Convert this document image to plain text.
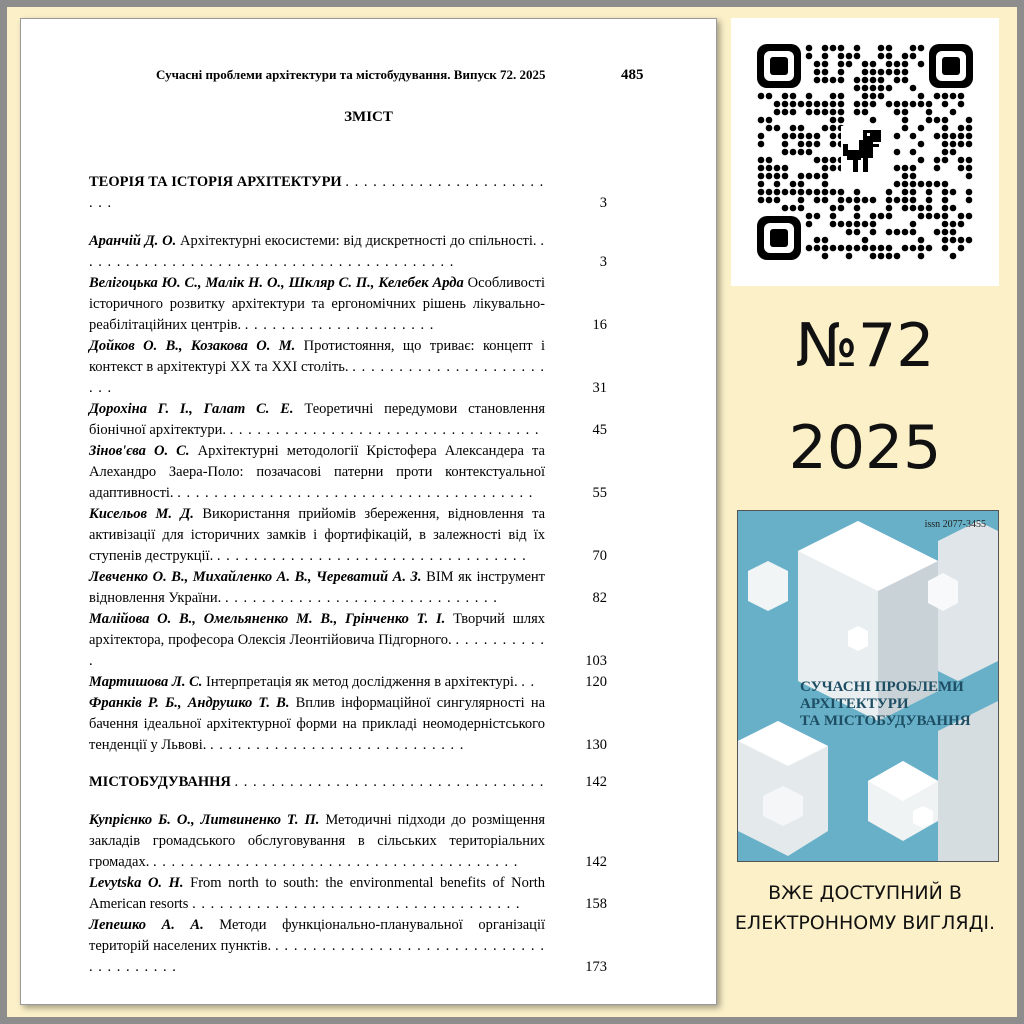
Сучасні проблеми архітектури та містобудування. Випуск 72. 2025	485
ЗМІСТ
ТЕОРІЯ ТА ІСТОРІЯ АРХІТЕКТУРИ . . . . . . . . . . . . . . . . . . . . . . . . .	3
Аранчій Д. О. Архітектурні екосистеми: від дискретності до спільності. . . . . . . . . . . . . . . . . . . . . . . . . . . . . . . . . . . . . . . . . .	3
Велігоцька Ю. С., Малік Н. О., Шкляр С. П., Келебек Арда Особливості історичного розвитку архітектури та ергономічних рішень лікувально-реабілітаційних центрів. . . . . . . . . . . . . . . . . . . . . .	16
Дойков О. В., Козакова О. М. Протистояння, що триває: концепт і контекст в архітектурі ХХ та ХХІ століть. . . . . . . . . . . . . . . . . . . . . . . . .	31
Дорохіна Г. І., Галат С. Е. Теоретичні передумови становлення біонічної архітектури. . . . . . . . . . . . . . . . . . . . . . . . . . . . . . . . . . .	45
Зінов'єва О. С. Архітектурні методології Крістофера Александера та Алехандро Заера-Поло: позачасові патерни проти контекстуальної адаптивності. . . . . . . . . . . . . . . . . . . . . . . . . . . . . . . . . . . . . . . .	55
Кисельов М. Д. Використання прийомів збереження, відновлення та активізації для історичних замків і фортифікацій, в залежності від їх ступенів деструкції. . . . . . . . . . . . . . . . . . . . . . . . . . . . . . . . . . .	70
Левченко О. В., Михайленко А. В., Череватий А. З. BIM як інструмент відновлення України. . . . . . . . . . . . . . . . . . . . . . . . . . . . . . .	82
Малійова О. В., Омельяненко М. В., Грінченко Т. І. Творчий шлях архітектора, професора Олексія Леонтійовича Підгорного. . . . . . . . . . . .	103
Мартишова Л. С. Інтерпретація як метод дослідження в архітектурі. . .	120
Франків Р. Б., Андрушко Т. В. Вплив інформаційної сингулярності на бачення ідеальної архітектурної форми на прикладі неомодерністського тенденції у Львові. . . . . . . . . . . . . . . . . . . . . . . . . . . . .	130
МІСТОБУДУВАННЯ . . . . . . . . . . . . . . . . . . . . . . . . . . . . . . . . . .	142
Купрієнко Б. О., Литвиненко Т. П. Методичні підходи до розміщення закладів громадського обслуговування в сільських територіальних громадах. . . . . . . . . . . . . . . . . . . . . . . . . . . . . . . . . . . . . . . . .	142
Levytska O. H. From north to south: the environmental benefits of North American resorts . . . . . . . . . . . . . . . . . . . . . . . . . . . . . . . . . . . .	158
Лепешко А. А. Методи функціонально-планувальної організації територій населених пунктів. . . . . . . . . . . . . . . . . . . . . . . . . . . . . . . . . . . . . . . .	173
№72
2025
issn 2077-3455
СУЧАСНІ ПРОБЛЕМИ
АРХІТЕКТУРИ
ТА МІСТОБУДУВАННЯ
ВЖЕ ДОСТУПНИЙ В ЕЛЕКТРОННОМУ ВИГЛЯДІ.
